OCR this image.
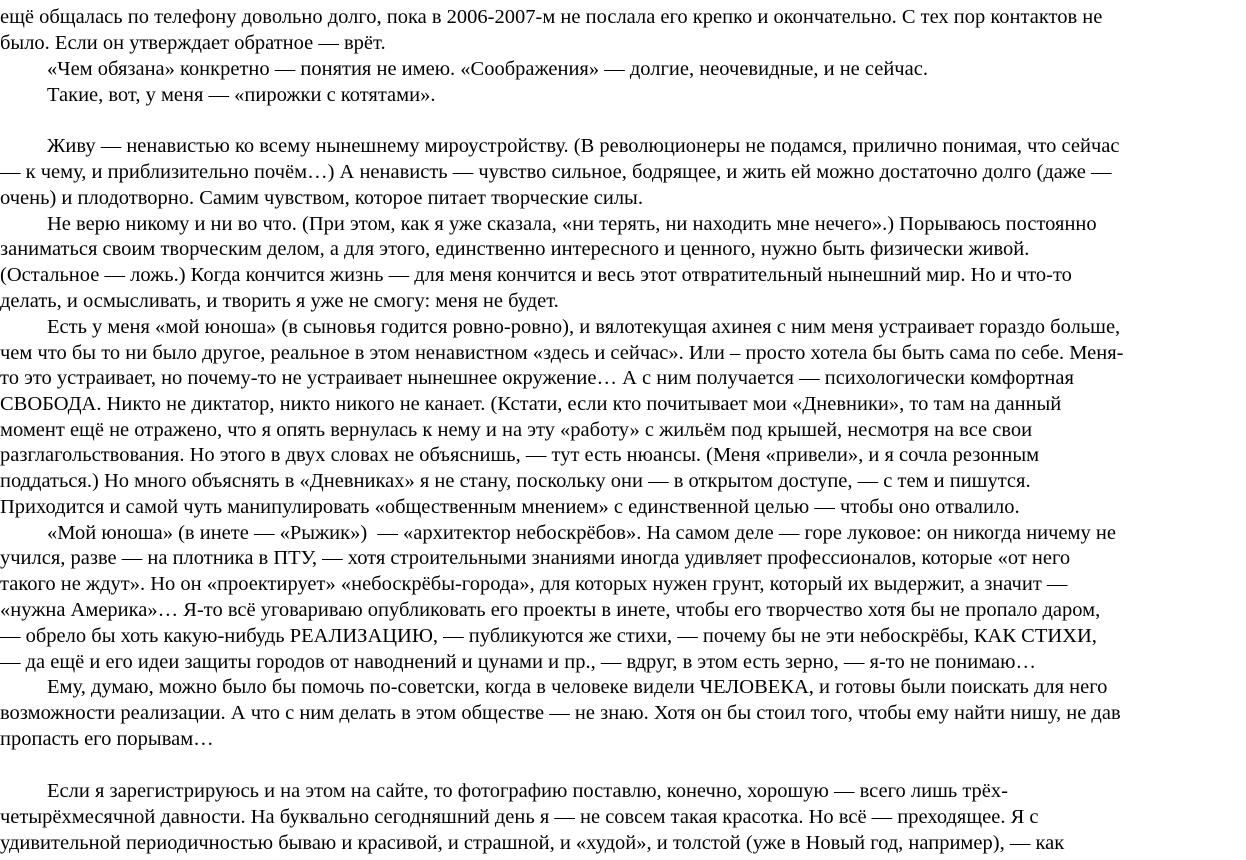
ещё общалась по телефону довольно долго, пока в 2006-2007-м не послала его крепко и окончательно. С тех пор контактов не

было. Если он утверждает обратное — врёт.

«Чем обязана» конкретно — понятия не имею. «Соображения» — долгие, неочевидные, и не сейчас.

Такие, вот, у меня — «пирожки с котятами».

Живу — ненавистью ко всему нынешнему мироустройству. (В революционеры не подамся, прилично понимая, что сейчас

— к чему, и приблизительно почём…) А ненависть — чувство сильное, бодрящее, и жить ей можно достаточно долго (даже —

очень) и плодотворно. Самим чувством, которое питает творческие силы.

Не верю никому и ни во что. (При этом, как я уже сказала, «ни терять, ни находить мне нечего».) Порываюсь постоянно

заниматься своим творческим делом, а для этого, единственно интересного и ценного, нужно быть физически живой.

(Остальное — ложь.) Когда кончится жизнь — для меня кончится и весь этот отвратительный нынешний мир. Но и что-то

делать, и осмысливать, и творить я уже не смогу: меня не будет.

Есть у меня «мой юноша» (в сыновья годится ровно-ровно), и вялотекущая ахинея с ним меня устраивает гораздо больше,

чем что бы то ни было другое, реальное в этом ненавистном «здесь и сейчас». Или – просто хотела бы быть сама по себе. Меня-

то это устраивает, но почему-то не устраивает нынешнее окружение… А с ним получается — психологически комфортная

СВОБОДА. Никто не диктатор, никто никого не канает. (Кстати, если кто почитывает мои «Дневники», то там на данный

момент ещё не отражено, что я опять вернулась к нему и на эту «работу» с жильём под крышей, несмотря на все свои

разглагольствования. Но этого в двух словах не объяснишь, — тут есть нюансы. (Меня «привели», и я сочла резонным

поддаться.) Но много объяснять в «Дневниках» я не стану, поскольку они — в открытом доступе, — с тем и пишутся.

Приходится и самой чуть манипулировать «общественным мнением» с единственной целью — чтобы оно отвалило.

«Мой юноша» (в инете — «Рыжик»)  — «архитектор небоскрёбов». На самом деле — горе луковое: он никогда ничему не

учился, разве — на плотника в ПТУ, — хотя строительными знаниями иногда удивляет профессионалов, которые «от него

такого не ждут». Но он «проектирует» «небоскрёбы-города», для которых нужен грунт, который их выдержит, а значит —

«нужна Америка»… Я-то всё уговариваю опубликовать его проекты в инете, чтобы его творчество хотя бы не пропало даром,

— обрело бы хоть какую-нибудь РЕАЛИЗАЦИЮ, — публикуются же стихи, — почему бы не эти небоскрёбы, КАК СТИХИ,

— да ещё и его идеи защиты городов от наводнений и цунами и пр., — вдруг, в этом есть зерно, — я-то не понимаю…

Ему, думаю, можно было бы помочь по-советски, когда в человеке видели ЧЕЛОВЕКА, и готовы были поискать для него

возможности реализации. А что с ним делать в этом обществе — не знаю. Хотя он бы стоил того, чтобы ему найти нишу, не дав

пропасть его порывам…

Если я зарегистрируюсь и на этом на сайте, то фотографию поставлю, конечно, хорошую — всего лишь трёх-

четырёхмесячной давности. На буквально сегодняшний день я — не совсем такая красотка. Но всё — преходящее. Я с

удивительной периодичностью бываю и красивой, и страшной, и «худой», и толстой (уже в Новый год, например), — как
